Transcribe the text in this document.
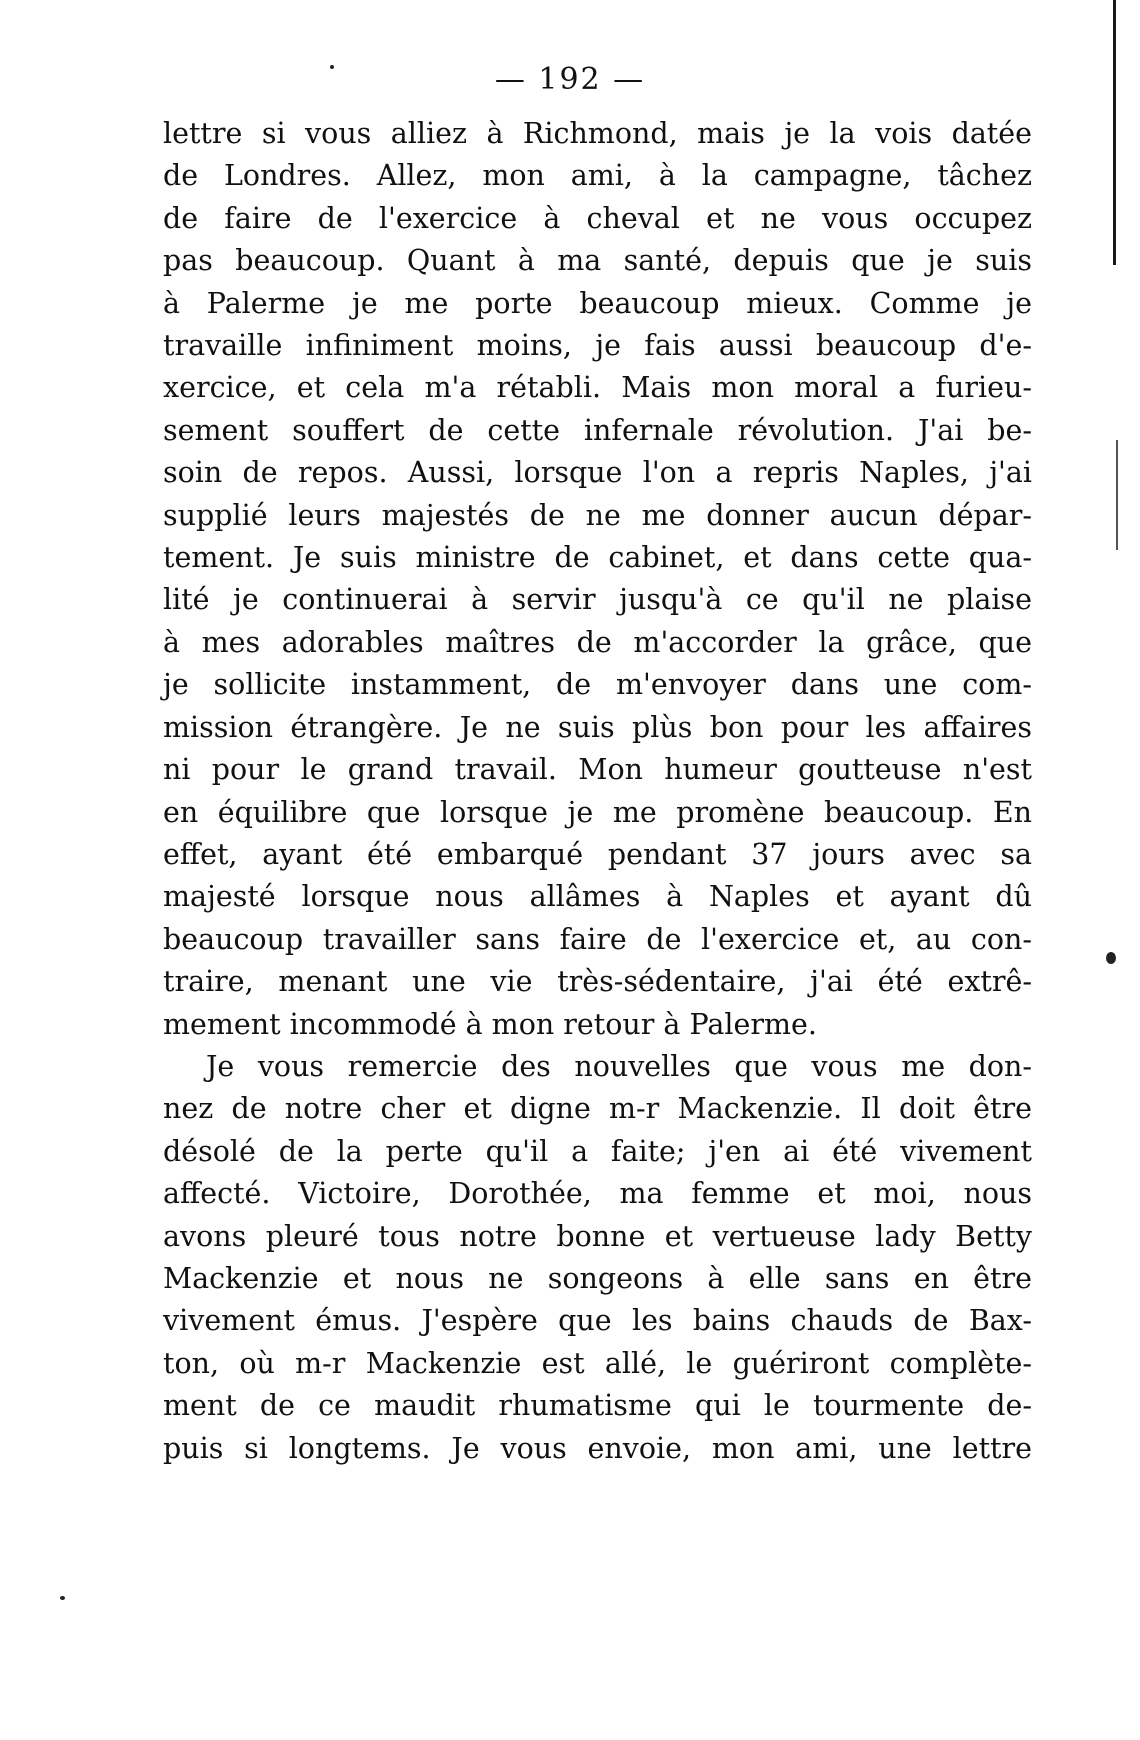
— 192 —
lettre si vous alliez à Richmond, mais je la vois datée
de Londres. Allez, mon ami, à la campagne, tâchez
de faire de l'exercice à cheval et ne vous occupez
pas beaucoup. Quant à ma santé, depuis que je suis
à Palerme je me porte beaucoup mieux. Comme je
travaille infiniment moins, je fais aussi beaucoup d'e-
xercice, et cela m'a rétabli. Mais mon moral a furieu-
sement souffert de cette infernale révolution. J'ai be-
soin de repos. Aussi, lorsque l'on a repris Naples, j'ai
supplié leurs majestés de ne me donner aucun dépar-
tement. Je suis ministre de cabinet, et dans cette qua-
lité je continuerai à servir jusqu'à ce qu'il ne plaise
à mes adorables maîtres de m'accorder la grâce, que
je sollicite instamment, de m'envoyer dans une com-
mission étrangère. Je ne suis plùs bon pour les affaires
ni pour le grand travail. Mon humeur goutteuse n'est
en équilibre que lorsque je me promène beaucoup. En
effet, ayant été embarqué pendant 37 jours avec sa
majesté lorsque nous allâmes à Naples et ayant dû
beaucoup travailler sans faire de l'exercice et, au con-
traire, menant une vie très-sédentaire, j'ai été extrê-
mement incommodé à mon retour à Palerme.
Je vous remercie des nouvelles que vous me don-
nez de notre cher et digne m-r Mackenzie. Il doit être
désolé de la perte qu'il a faite; j'en ai été vivement
affecté. Victoire, Dorothée, ma femme et moi, nous
avons pleuré tous notre bonne et vertueuse lady Betty
Mackenzie et nous ne songeons à elle sans en être
vivement émus. J'espère que les bains chauds de Bax-
ton, où m-r Mackenzie est allé, le guériront complète-
ment de ce maudit rhumatisme qui le tourmente de-
puis si longtems. Je vous envoie, mon ami, une lettre
